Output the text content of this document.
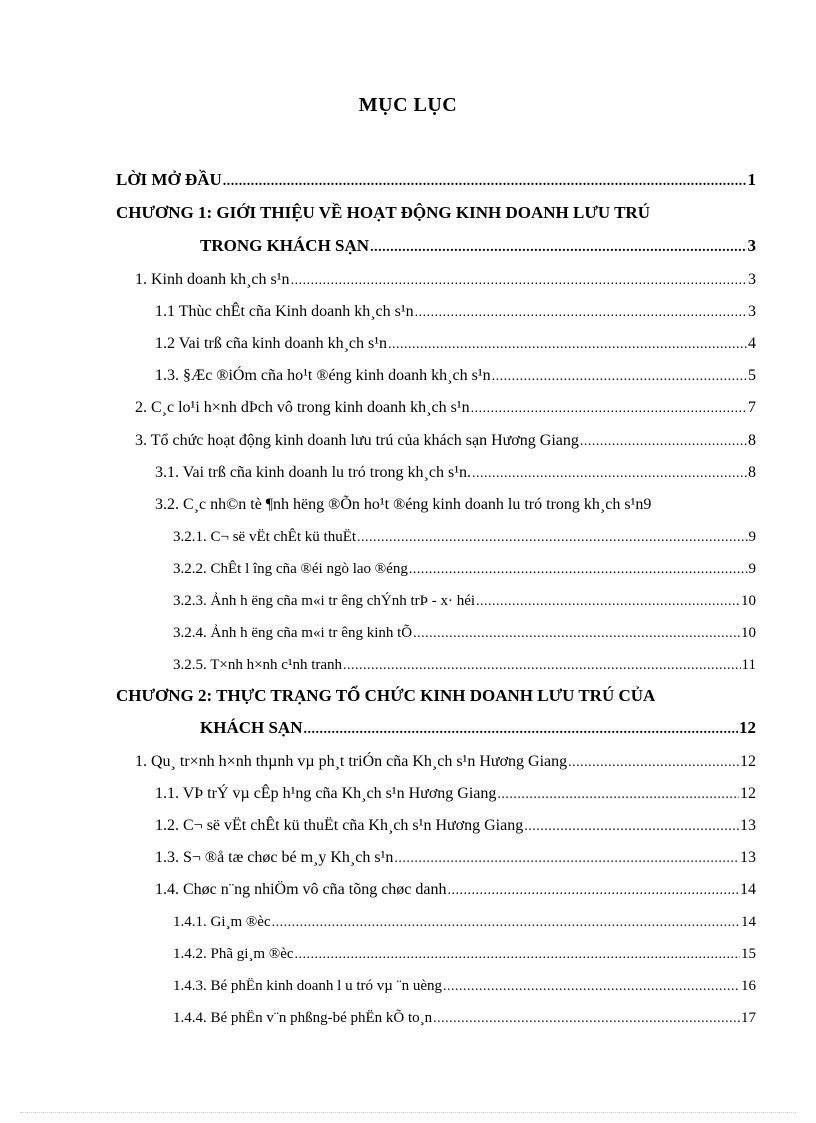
MỤC LỤC
LỜI MỞ ĐẦU .....	1
CHƯƠNG 1: GIỚI THIỆU VỀ HOẠT ĐỘNG KINH DOANH LƯU TRÚ
TRONG KHÁCH SẠN .....	3
1. Kinh doanh kh¸ch s¹n .....	3
1.1 Thùc chÊt cña Kinh doanh kh¸ch s¹n .....	3
1.2 Vai trß cña kinh doanh kh¸ch s¹n .....	4
1.3. §Æc ®iÓm cña ho¹t ®éng kinh doanh kh¸ch s¹n .....	5
2. C¸c lo¹i h×nh dÞch vô trong kinh doanh kh¸ch s¹n .....	7
3. Tổ chức hoạt động kinh doanh lưu trú của khách sạn Hương Giang .....	8
3.1. Vai trß cña kinh doanh lu tró trong kh¸ch s¹n. .....	8
3.2. C¸c nh©n tè ¶nh hëng ®Õn ho¹t ®éng kinh doanh lu tró trong kh¸ch s¹n 9
3.2.1. C¬ së vËt chÊt kü thuËt .....	9
3.2.2. ChÊt l îng cña ®éi ngò lao ®éng .....	9
3.2.3. Ảnh h ëng cña m«i tr êng chÝnh trÞ - x· héi .....	10
3.2.4. Ảnh h ëng cña m«i tr êng kinh tÕ .....	10
3.2.5. T×nh h×nh c¹nh tranh .....	11
CHƯƠNG 2: THỰC TRẠNG TỔ CHỨC KINH DOANH LƯU TRÚ CỦA
KHÁCH SẠN .....	12
1. Qu¸ tr×nh h×nh thµnh vµ ph¸t triÓn cña Kh¸ch s¹n Hương Giang .....	12
1.1. VÞ trÝ vµ cÊp h¹ng cña Kh¸ch s¹n Hương Giang .....	12
1.2. C¬ së vËt chÊt kü thuËt cña Kh¸ch s¹n Hương Giang .....	13
1.3. S¬ ®å tæ chøc bé m¸y Kh¸ch s¹n .....	13
1.4. Chøc n¨ng nhiÖm vô cña tõng chøc danh .....	14
1.4.1. Gi¸m ®èc .....	14
1.4.2. Phã gi¸m ®èc .....	15
1.4.3. Bé phËn kinh doanh l u tró vµ ¨n uèng .....	16
1.4.4. Bé phËn v¨n phßng-bé phËn kÕ to¸n .....	17
